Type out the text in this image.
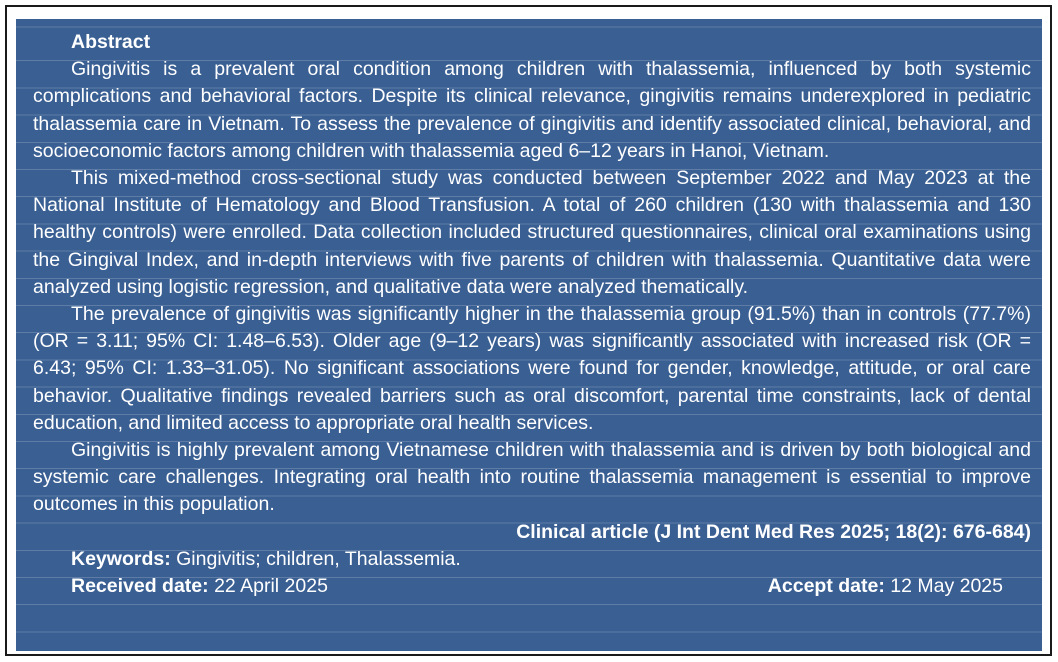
Abstract

Gingivitis is a prevalent oral condition among children with thalassemia, influenced by both systemic complications and behavioral factors. Despite its clinical relevance, gingivitis remains underexplored in pediatric thalassemia care in Vietnam. To assess the prevalence of gingivitis and identify associated clinical, behavioral, and socioeconomic factors among children with thalassemia aged 6–12 years in Hanoi, Vietnam.

This mixed-method cross-sectional study was conducted between September 2022 and May 2023 at the National Institute of Hematology and Blood Transfusion. A total of 260 children (130 with thalassemia and 130 healthy controls) were enrolled. Data collection included structured questionnaires, clinical oral examinations using the Gingival Index, and in-depth interviews with five parents of children with thalassemia. Quantitative data were analyzed using logistic regression, and qualitative data were analyzed thematically.

The prevalence of gingivitis was significantly higher in the thalassemia group (91.5%) than in controls (77.7%) (OR = 3.11; 95% CI: 1.48–6.53). Older age (9–12 years) was significantly associated with increased risk (OR = 6.43; 95% CI: 1.33–31.05). No significant associations were found for gender, knowledge, attitude, or oral care behavior. Qualitative findings revealed barriers such as oral discomfort, parental time constraints, lack of dental education, and limited access to appropriate oral health services.

Gingivitis is highly prevalent among Vietnamese children with thalassemia and is driven by both biological and systemic care challenges. Integrating oral health into routine thalassemia management is essential to improve outcomes in this population.

Clinical article (J Int Dent Med Res 2025; 18(2): 676-684)
Keywords: Gingivitis; children, Thalassemia.
Received date: 22 April 2025	Accept date: 12 May 2025
